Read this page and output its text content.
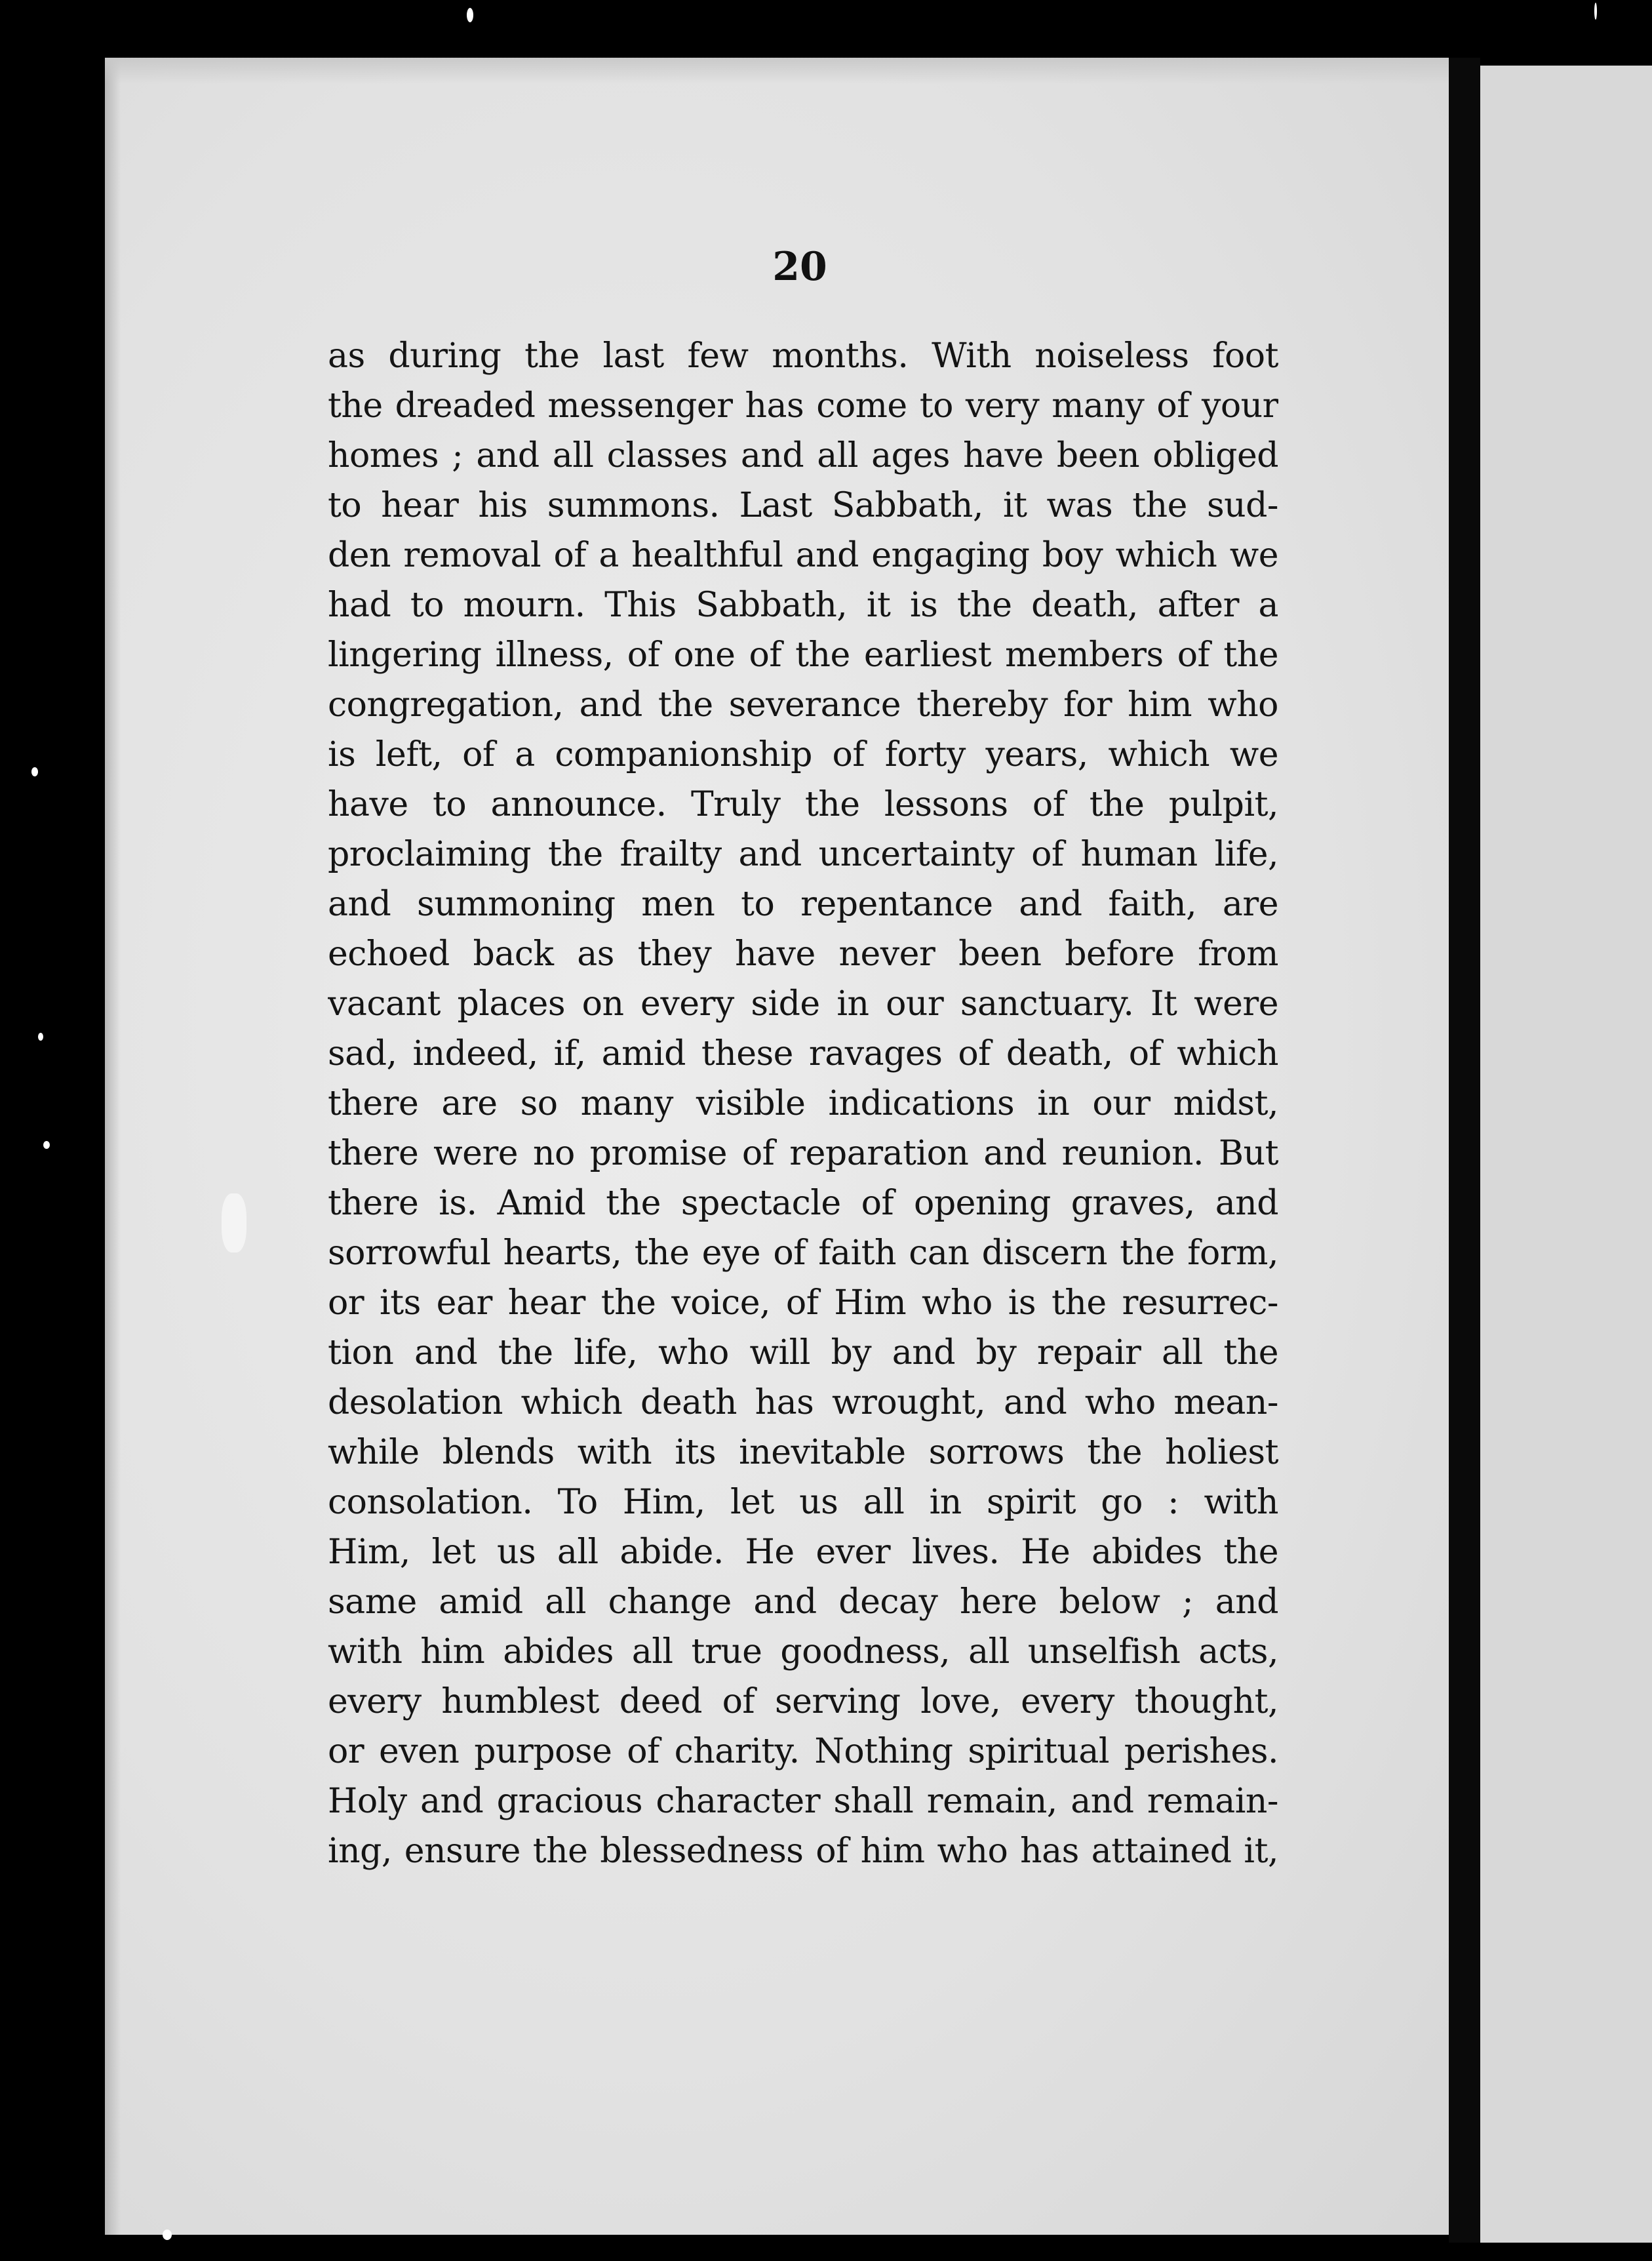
20

as during the last few months. With noiseless foot
the dreaded messenger has come to very many of your
homes ; and all classes and all ages have been obliged
to hear his summons. Last Sabbath, it was the sud-
den removal of a healthful and engaging boy which we
had to mourn. This Sabbath, it is the death, after a
lingering illness, of one of the earliest members of the
congregation, and the severance thereby for him who
is left, of a companionship of forty years, which we
have to announce. Truly the lessons of the pulpit,
proclaiming the frailty and uncertainty of human life,
and summoning men to repentance and faith, are
echoed back as they have never been before from
vacant places on every side in our sanctuary. It were
sad, indeed, if, amid these ravages of death, of which
there are so many visible indications in our midst,
there were no promise of reparation and reunion. But
there is. Amid the spectacle of opening graves, and
sorrowful hearts, the eye of faith can discern the form,
or its ear hear the voice, of Him who is the resurrec-
tion and the life, who will by and by repair all the
desolation which death has wrought, and who mean-
while blends with its inevitable sorrows the holiest
consolation. To Him, let us all in spirit go : with
Him, let us all abide. He ever lives. He abides the
same amid all change and decay here below ; and
with him abides all true goodness, all unselfish acts,
every humblest deed of serving love, every thought,
or even purpose of charity. Nothing spiritual perishes.
Holy and gracious character shall remain, and remain-
ing, ensure the blessedness of him who has attained it,
